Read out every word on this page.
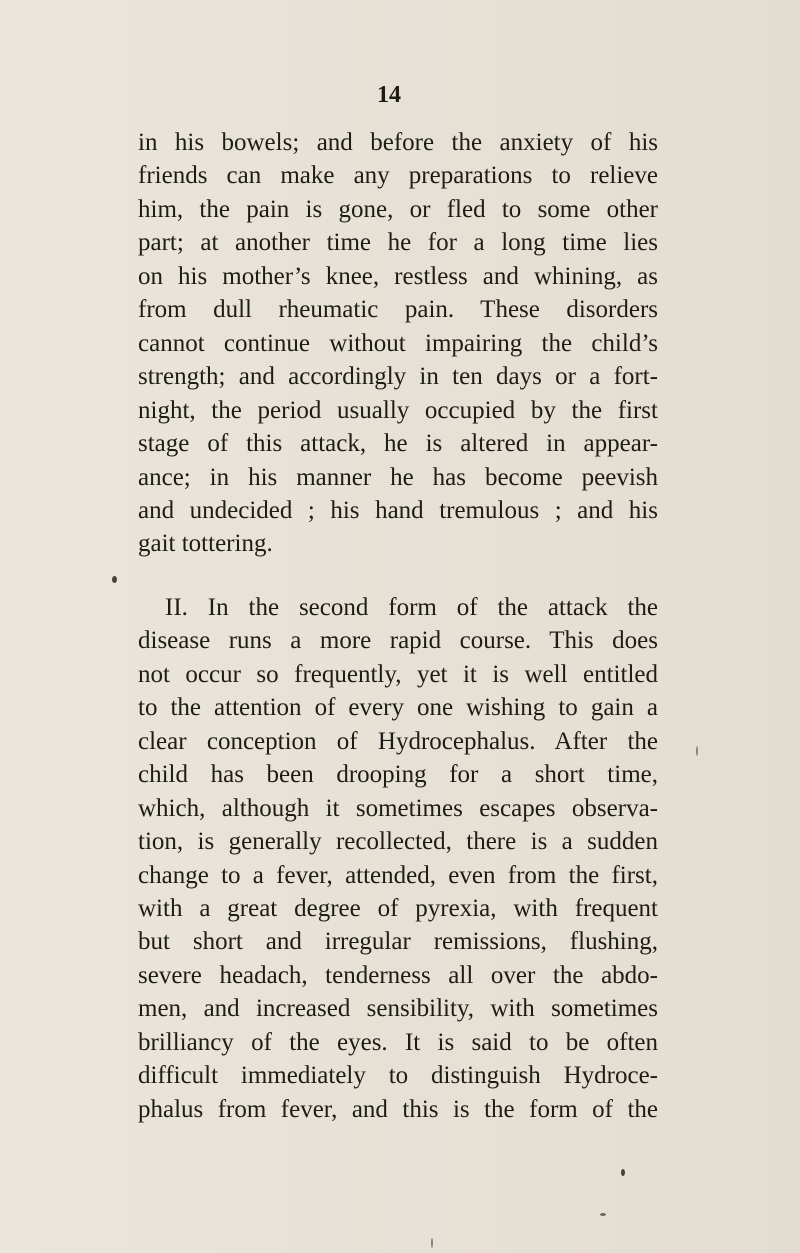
14
in his bowels; and before the anxiety of his
friends can make any preparations to relieve
him, the pain is gone, or fled to some other
part; at another time he for a long time lies
on his mother’s knee, restless and whining, as
from dull rheumatic pain. These disorders
cannot continue without impairing the child’s
strength; and accordingly in ten days or a fort-
night, the period usually occupied by the first
stage of this attack, he is altered in appear-
ance; in his manner he has become peevish
and undecided ; his hand tremulous ; and his
gait tottering.
II. In the second form of the attack the
disease runs a more rapid course. This does
not occur so frequently, yet it is well entitled
to the attention of every one wishing to gain a
clear conception of Hydrocephalus. After the
child has been drooping for a short time,
which, although it sometimes escapes observa-
tion, is generally recollected, there is a sudden
change to a fever, attended, even from the first,
with a great degree of pyrexia, with frequent
but short and irregular remissions, flushing,
severe headach, tenderness all over the abdo-
men, and increased sensibility, with sometimes
brilliancy of the eyes. It is said to be often
difficult immediately to distinguish Hydroce-
phalus from fever, and this is the form of the
